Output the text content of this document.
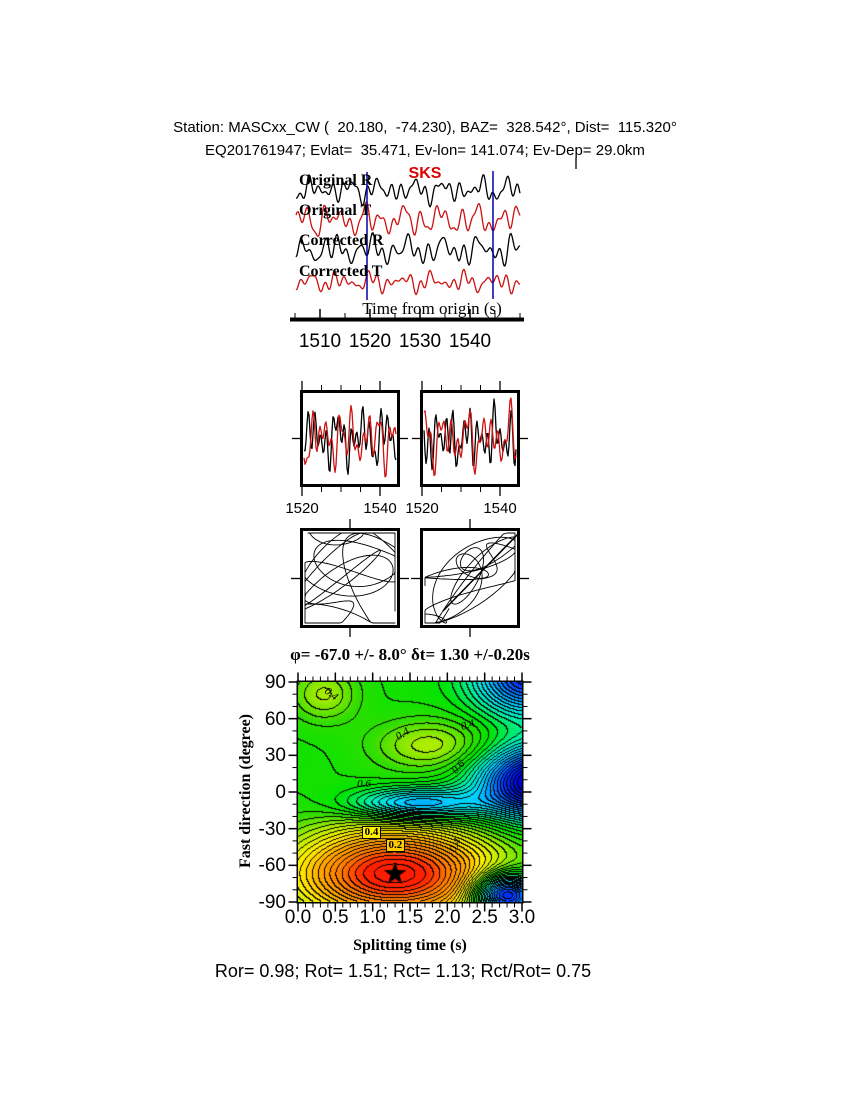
Station: MASCxx_CW (  20.180,  -74.230), BAZ=  328.542°, Dist=  115.320°
EQ201761947; Evlat=  35.471, Ev-lon= 141.074; Ev-Dep= 29.0km
SKS
Original R
Original T
Corrected R
Corrected T
Time from origin (s)
1510 1520 1530 1540
1520	1540 1520	1540
φ= -67.0 +/- 8.0° δt= 1.30 +/-0.20s
Fast direction (degree)
90
60
30
0
-30
-60
-90
0.0 0.5 1.0 1.5 2.0 2.5 3.0
0.4
0.4	0.4
0.6
0.6
0.6
0.4
0.2	0.4
Splitting time (s)
Ror= 0.98; Rot= 1.51; Rct= 1.13; Rct/Rot= 0.75
